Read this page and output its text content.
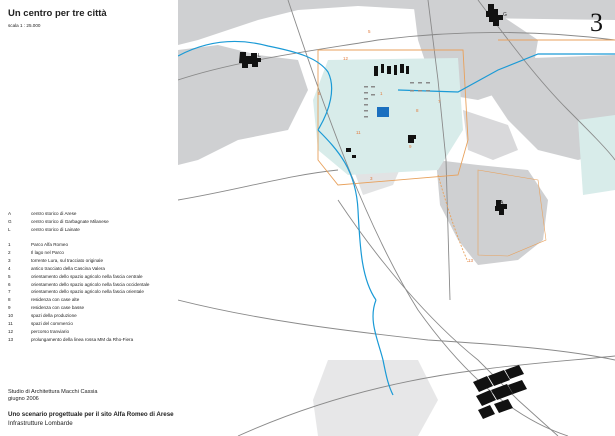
Un centro per tre città
scala 1 : 25.000
A	centro storico di Arese
G	centro storico di Garbagnate Milanese
L	centro storico di Lainate
1	Parco Alfa Romeo
2	Il lago nel Parco
3	torrente Lura, sul tracciato originale
4	antico tracciato della Cascina Valera
5	orientamento dello spazio agricolo nella fascia centrale
6	orientamento dello spazio agricolo nella fascia occidentale
7	orientamento dello spazio agricolo nella fascia orientale
8	residenza con case alte
9	residenza con case basse
10	spazi della produzione
11	spazi del commercio
12	percorso tranviario
13	prolungamento della linea rossa MM da Rho-Fiera
Studio di Architettura Macchi Cassia
giugno 2006
Uno scenario progettuale per il sito Alfa Romeo di Arese
Infrastrutture Lombarde
G
L
A
5
12
6
7
1
8
11
9
3
13
3
